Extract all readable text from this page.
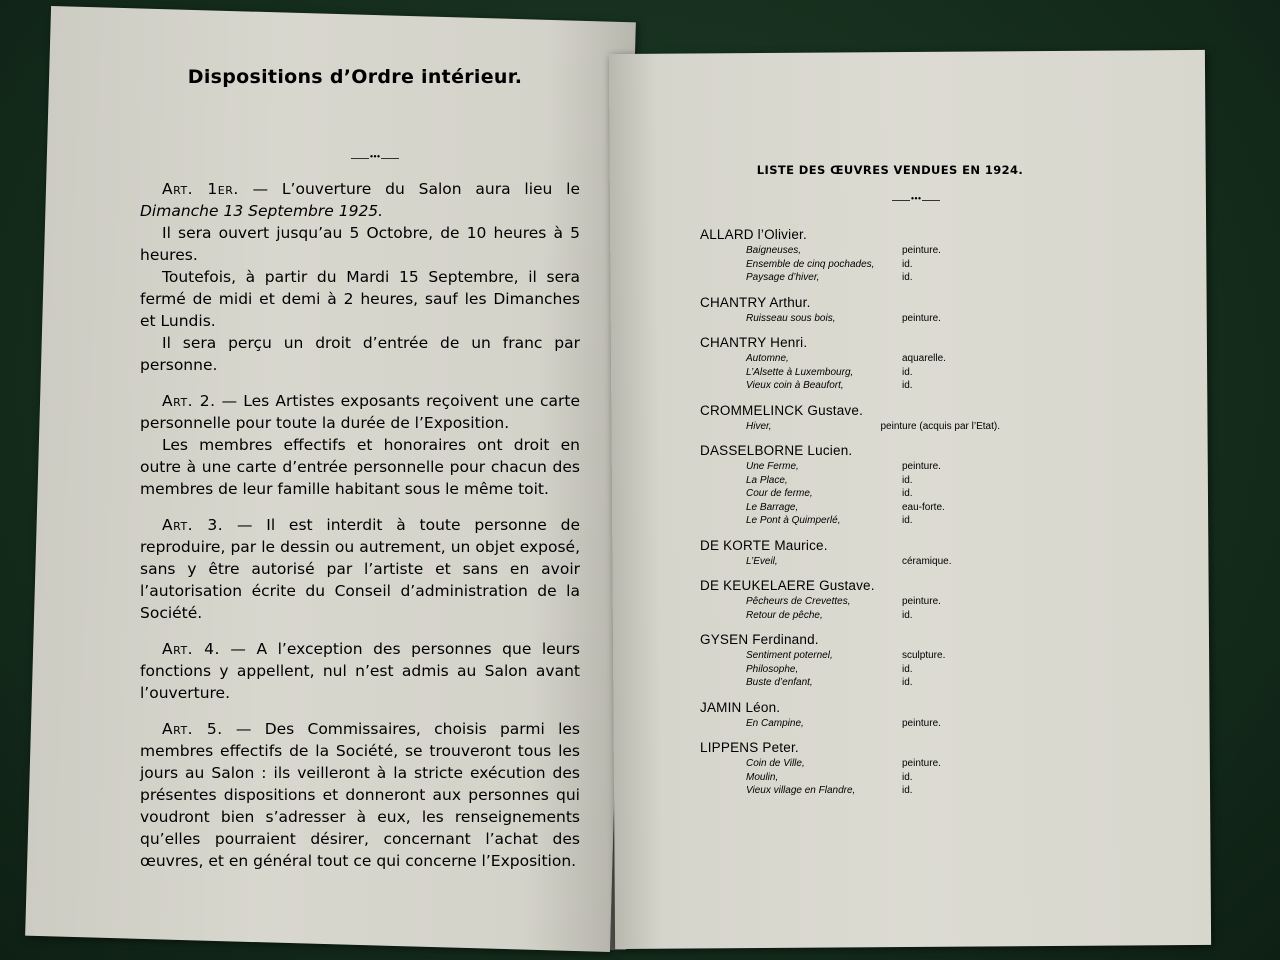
Dispositions d’Ordre intérieur.
•••

Art. 1er. — L’ouverture du Salon aura lieu le Dimanche 13 Septembre 1925.

Il sera ouvert jusqu’au 5 Octobre, de 10 heures à 5 heures.

Toutefois, à partir du Mardi 15 Septembre, il sera fermé de midi et demi à 2 heures, sauf les Dimanches et Lundis.

Il sera perçu un droit d’entrée de un franc par personne.

Art. 2. — Les Artistes exposants reçoivent une carte personnelle pour toute la durée de l’Exposition.

Les membres effectifs et honoraires ont droit en outre à une carte d’entrée personnelle pour chacun des membres de leur famille habitant sous le même toit.

Art. 3. — Il est interdit à toute personne de reproduire, par le dessin ou autrement, un objet exposé, sans y être autorisé par l’artiste et sans en avoir l’autorisation écrite du Conseil d’administration de la Société.

Art. 4. — A l’exception des personnes que leurs fonctions y appellent, nul n’est admis au Salon avant l’ouverture.

Art. 5. — Des Commissaires, choisis parmi les membres effectifs de la Société, se trouveront tous les jours au Salon : ils veilleront à la stricte exécution des présentes dispositions et donneront aux personnes qui voudront bien s’adresser à eux, les renseignements qu’elles pourraient désirer, concernant l’achat des œuvres, et en général tout ce qui concerne l’Exposition.

LISTE DES ŒUVRES VENDUES EN 1924.
•••
ALLARD l’Olivier.
Baigneuses,	peinture.
Ensemble de cinq pochades,	id.
Paysage d’hiver,	id.
CHANTRY Arthur.
Ruisseau sous bois,	peinture.
CHANTRY Henri.
Automne,	aquarelle.
L’Alsette à Luxembourg,	id.
Vieux coin à Beaufort,	id.
CROMMELINCK Gustave.
Hiver,	peinture (acquis par l’Etat).
DASSELBORNE Lucien.
Une Ferme,	peinture.
La Place,	id.
Cour de ferme,	id.
Le Barrage,	eau-forte.
Le Pont à Quimperlé,	id.
DE KORTE Maurice.
L’Eveil,	céramique.
DE KEUKELAERE Gustave.
Pêcheurs de Crevettes,	peinture.
Retour de pêche,	id.
GYSEN Ferdinand.
Sentiment poternel,	sculpture.
Philosophe,	id.
Buste d’enfant,	id.
JAMIN Léon.
En Campine,	peinture.
LIPPENS Peter.
Coin de Ville,	peinture.
Moulin,	id.
Vieux village en Flandre,	id.
